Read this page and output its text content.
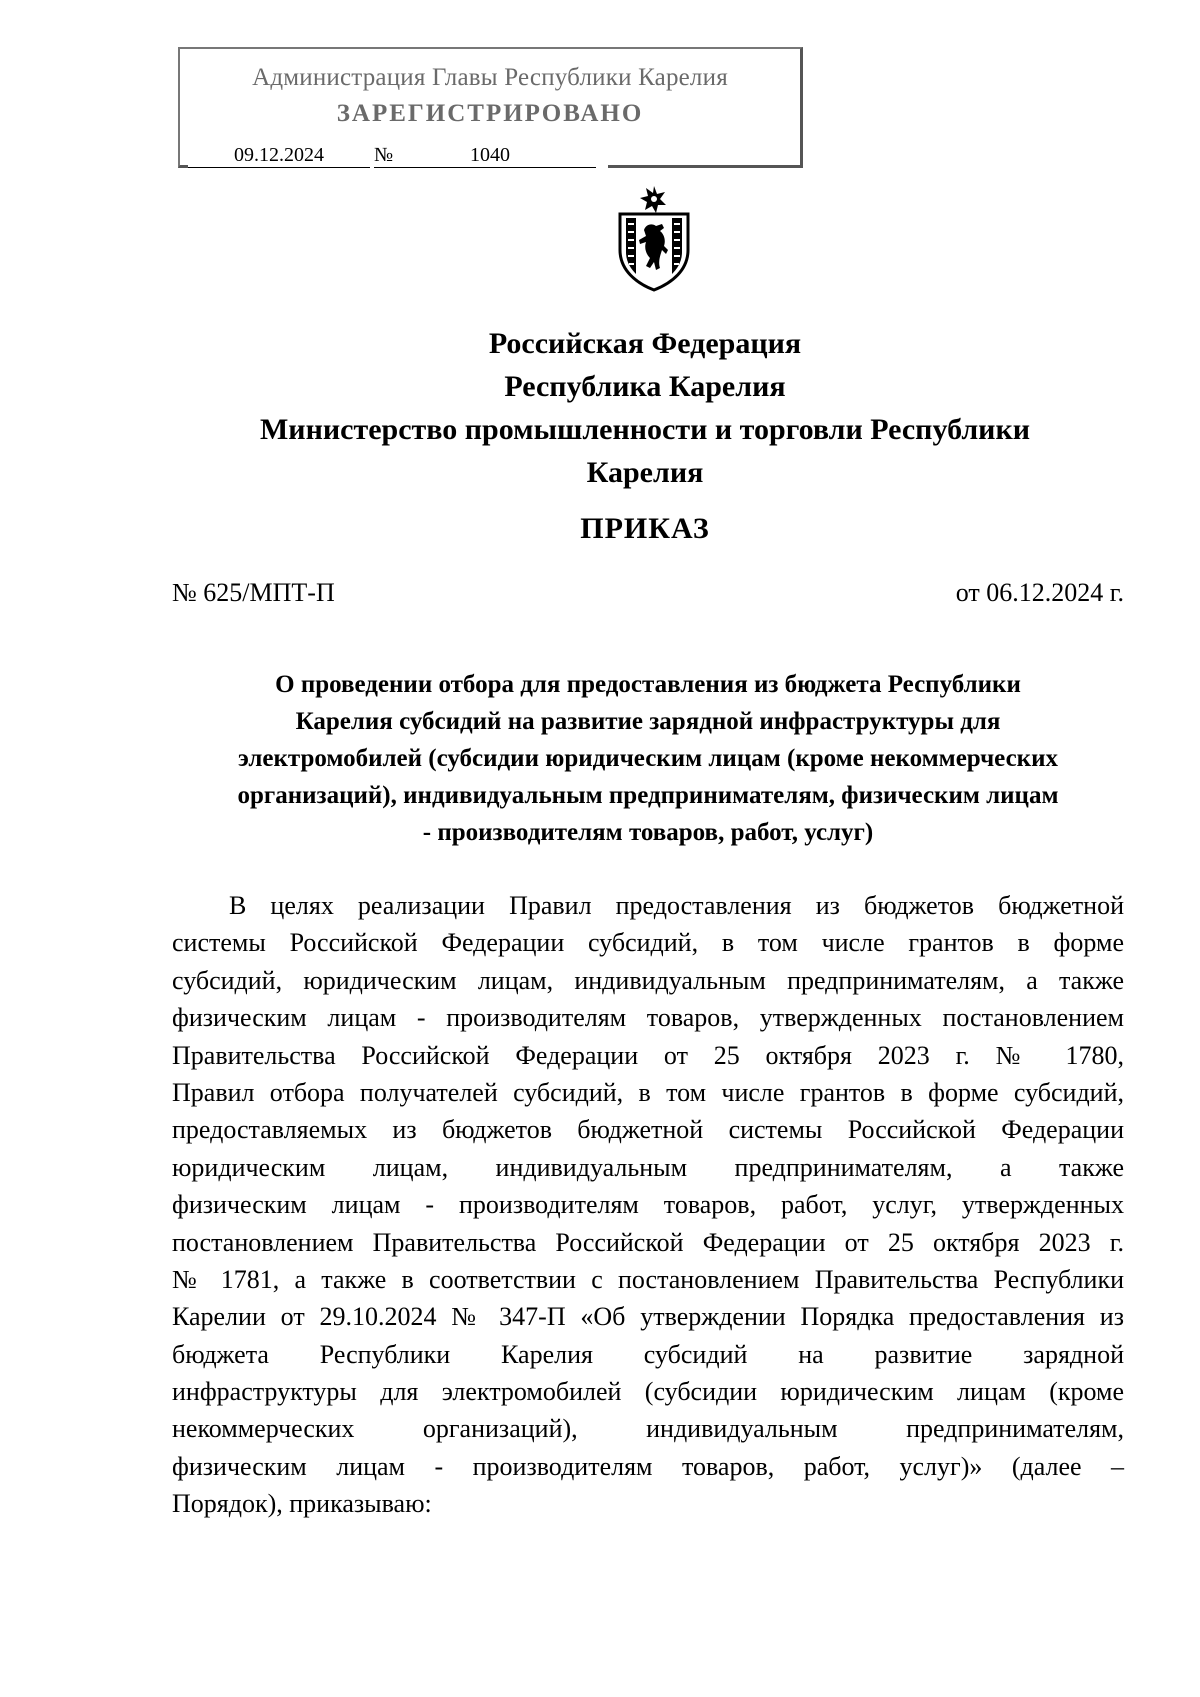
Администрация Главы Республики Карелия
ЗАРЕГИСТРИРОВАНО
09.12.2024	№	1040
Российская Федерация
Республика Карелия
Министерство промышленности и торговли Республики
Карелия
ПРИКАЗ
№ 625/МПТ-П	от 06.12.2024 г.
О проведении отбора для предоставления из бюджета Республики
Карелия субсидий на развитие зарядной инфраструктуры для
электромобилей (субсидии юридическим лицам (кроме некоммерческих
организаций), индивидуальным предпринимателям, физическим лицам
- производителям товаров, работ, услуг)
В целях реализации Правил предоставления из бюджетов бюджетной
системы Российской Федерации субсидий, в том числе грантов в форме
субсидий, юридическим лицам, индивидуальным предпринимателям, а также
физическим лицам - производителям товаров, утвержденных постановлением
Правительства Российской Федерации от 25 октября 2023 г. № 1780,
Правил отбора получателей субсидий, в том числе грантов в форме субсидий,
предоставляемых из бюджетов бюджетной системы Российской Федерации
юридическим лицам, индивидуальным предпринимателям, а также
физическим лицам - производителям товаров, работ, услуг, утвержденных
постановлением Правительства Российской Федерации от 25 октября 2023 г.
№ 1781, а также в соответствии с постановлением Правительства Республики
Карелии от 29.10.2024 № 347-П «Об утверждении Порядка предоставления из
бюджета Республики Карелия субсидий на развитие зарядной
инфраструктуры для электромобилей (субсидии юридическим лицам (кроме
некоммерческих организаций), индивидуальным предпринимателям,
физическим лицам - производителям товаров, работ, услуг)» (далее –
Порядок), приказываю:
